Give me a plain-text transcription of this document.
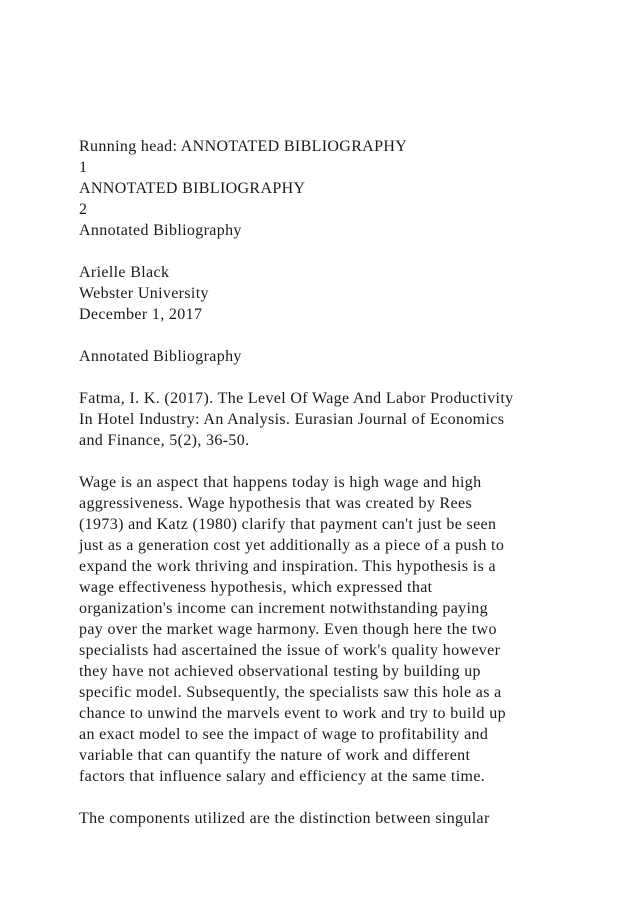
Running head: ANNOTATED BIBLIOGRAPHY
1
ANNOTATED BIBLIOGRAPHY
2
Annotated Bibliography
Arielle Black
Webster University
December 1, 2017
Annotated Bibliography
Fatma, I. K. (2017). The Level Of Wage And Labor Productivity
In Hotel Industry: An Analysis. Eurasian Journal of Economics
and Finance, 5(2), 36-50.
Wage is an aspect that happens today is high wage and high
aggressiveness. Wage hypothesis that was created by Rees
(1973) and Katz (1980) clarify that payment can't just be seen
just as a generation cost yet additionally as a piece of a push to
expand the work thriving and inspiration. This hypothesis is a
wage effectiveness hypothesis, which expressed that
organization's income can increment notwithstanding paying
pay over the market wage harmony. Even though here the two
specialists had ascertained the issue of work's quality however
they have not achieved observational testing by building up
specific model. Subsequently, the specialists saw this hole as a
chance to unwind the marvels event to work and try to build up
an exact model to see the impact of wage to profitability and
variable that can quantify the nature of work and different
factors that influence salary and efficiency at the same time.
The components utilized are the distinction between singular
